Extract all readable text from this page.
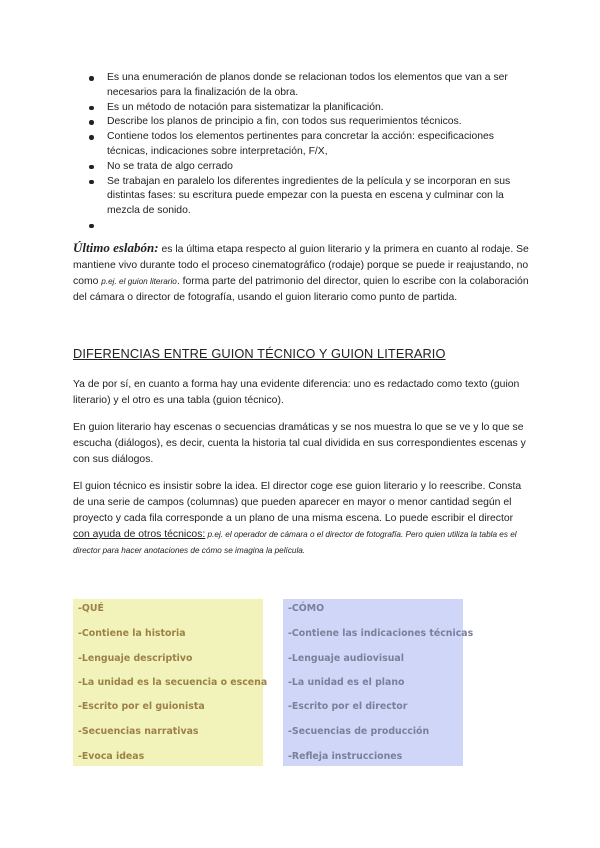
Es una enumeración de planos donde se relacionan todos los elementos que van a ser necesarios para la finalización de la obra.
Es un método de notación para sistematizar la planificación.
Describe los planos de principio a fin, con todos sus requerimientos técnicos.
Contiene todos los elementos pertinentes para concretar la acción: especificaciones técnicas, indicaciones sobre interpretación, F/X,
No se trata de algo cerrado
Se trabajan en paralelo los diferentes ingredientes de la película y se incorporan en sus distintas fases: su escritura puede empezar con la puesta en escena y culminar con la mezcla de sonido.

Último eslabón: es la última etapa respecto al guion literario y la primera en cuanto al rodaje. Se mantiene vivo durante todo el proceso cinematográfico (rodaje) porque se puede ir reajustando, no como p.ej. el guion literario. forma parte del patrimonio del director, quien lo escribe con la colaboración del cámara o director de fotografía, usando el guion literario como punto de partida.

DIFERENCIAS ENTRE GUION TÉCNICO Y GUION LITERARIO

Ya de por sí, en cuanto a forma hay una evidente diferencia: uno es redactado como texto (guion literario) y el otro es una tabla (guion técnico).

En guion literario hay escenas o secuencias dramáticas y se nos muestra lo que se ve y lo que se escucha (diálogos), es decir, cuenta la historia tal cual dividida en sus correspondientes escenas y con sus diálogos.

El guion técnico es insistir sobre la idea. El director coge ese guion literario y lo reescribe. Consta de una serie de campos (columnas) que pueden aparecer en mayor o menor cantidad según el proyecto y cada fila corresponde a un plano de una misma escena. Lo puede escribir el director con ayuda de otros técnicos: p.ej. el operador de cámara o el director de fotografía. Pero quien utiliza la tabla es el director para hacer anotaciones de cómo se imagina la película.

-QUÉ
-Contiene la historia
-Lenguaje descriptivo
-La unidad es la secuencia o escena
-Escrito por el guionista
-Secuencias narrativas
-Evoca ideas
-CÓMO
-Contiene las indicaciones técnicas
-Lenguaje audiovisual
-La unidad es el plano
-Escrito por el director
-Secuencias de producción
-Refleja instrucciones
